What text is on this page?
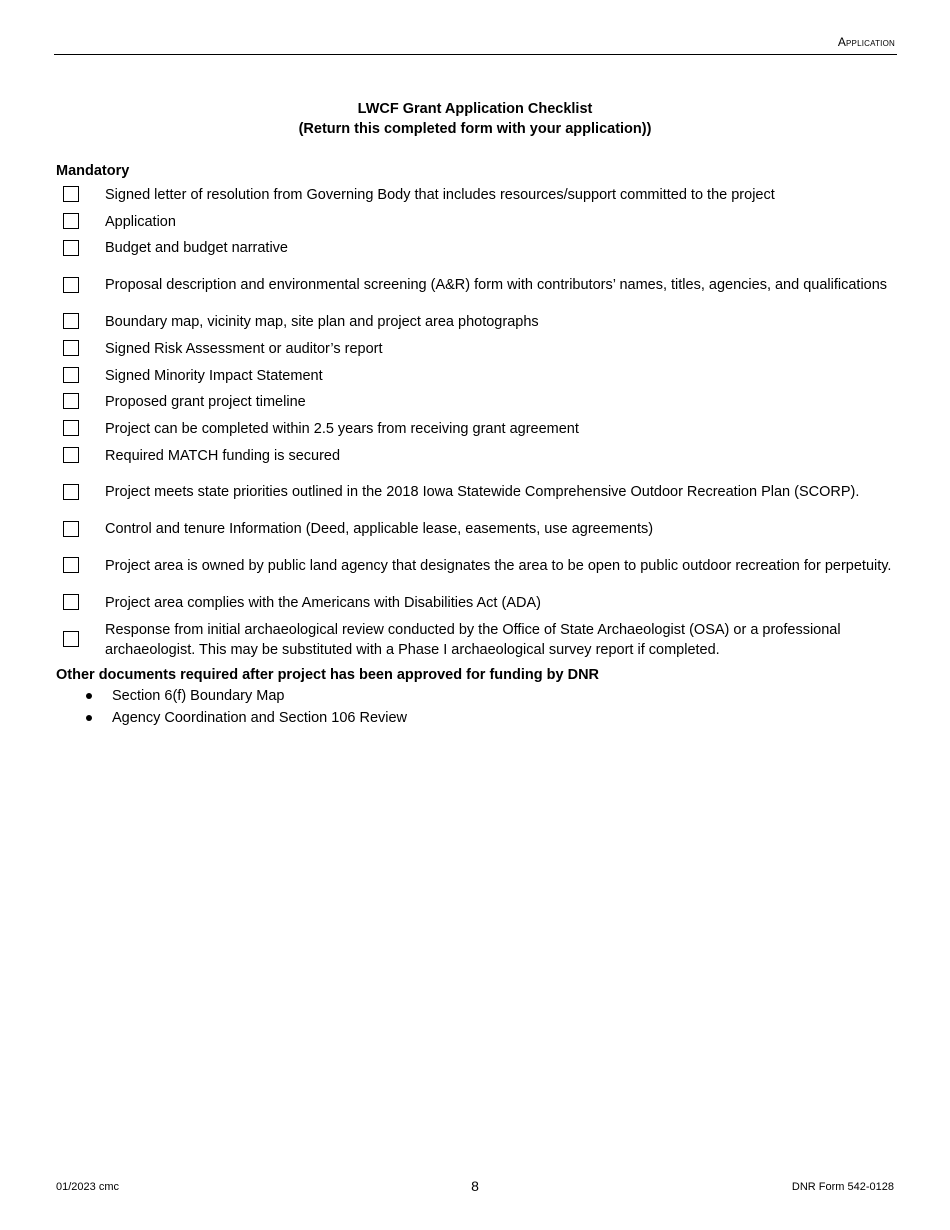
Application
LWCF Grant Application Checklist
(Return this completed form with your application))
Mandatory
Signed letter of resolution from Governing Body that includes resources/support committed to the project
Application
Budget and budget narrative
Proposal description and environmental screening (A&R) form with contributors’ names, titles, agencies, and qualifications
Boundary map, vicinity map, site plan and project area photographs
Signed Risk Assessment or auditor’s report
Signed Minority Impact Statement
Proposed grant project timeline
Project can be completed within 2.5 years from receiving grant agreement
Required MATCH funding is secured
Project meets state priorities outlined in the 2018 Iowa Statewide Comprehensive Outdoor Recreation Plan (SCORP).
Control and tenure Information (Deed, applicable lease, easements, use agreements)
Project area is owned by public land agency that designates the area to be open to public outdoor recreation for perpetuity.
Project area complies with the Americans with Disabilities Act (ADA)
Response from initial archaeological review conducted by the Office of State Archaeologist (OSA) or a professional archaeologist. This may be substituted with a Phase I archaeological survey report if completed.
Other documents required after project has been approved for funding by DNR
Section 6(f) Boundary Map
Agency Coordination and Section 106 Review
01/2023 cmc	8	DNR Form 542-0128
